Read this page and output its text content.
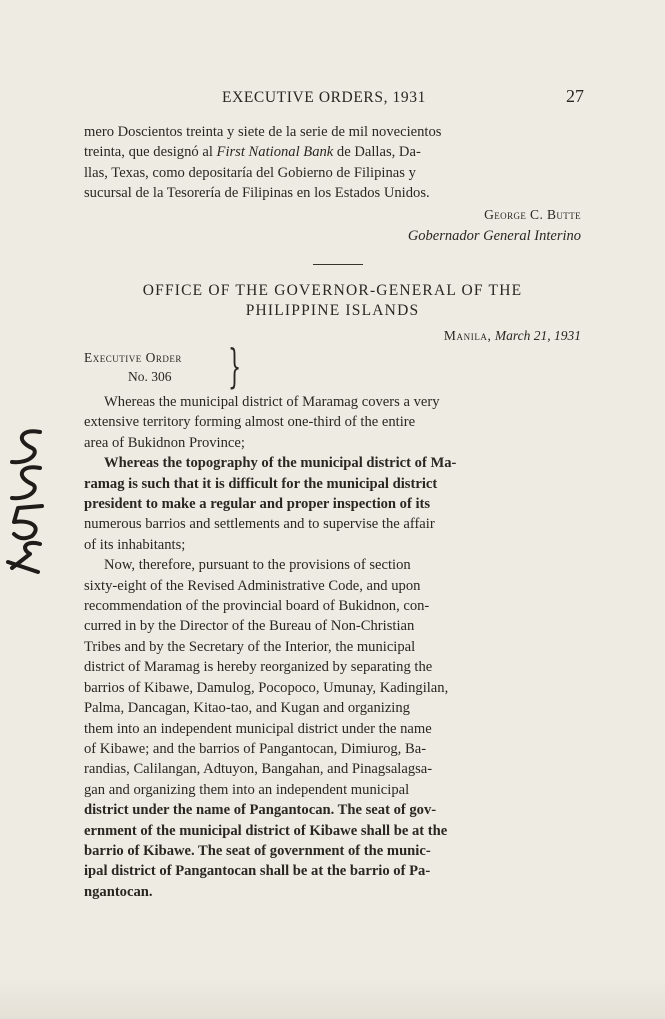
EXECUTIVE ORDERS, 1931	27

mero Doscientos treinta y siete de la serie de mil novecientos

treinta, que designó al First National Bank de Dallas, Da-

llas, Texas, como depositaría del Gobierno de Filipinas y

sucursal de la Tesorería de Filipinas en los Estados Unidos.

George C. Butte
Gobernador General Interino
OFFICE OF THE GOVERNOR-GENERAL OF THE
PHILIPPINE ISLANDS
Manila, March 21, 1931
Executive Order
No. 306 }

Whereas the municipal district of Maramag covers a very

extensive territory forming almost one-third of the entire

area of Bukidnon Province;

Whereas the topography of the municipal district of Ma-

ramag is such that it is difficult for the municipal district

president to make a regular and proper inspection of its

numerous barrios and settlements and to supervise the affair

of its inhabitants;

Now, therefore, pursuant to the provisions of section

sixty-eight of the Revised Administrative Code, and upon

recommendation of the provincial board of Bukidnon, con-

curred in by the Director of the Bureau of Non-Christian

Tribes and by the Secretary of the Interior, the municipal

district of Maramag is hereby reorganized by separating the

barrios of Kibawe, Damulog, Pocopoco, Umunay, Kadingilan,

Palma, Dancagan, Kitao-tao, and Kugan and organizing

them into an independent municipal district under the name

of Kibawe; and the barrios of Pangantocan, Dimiurog, Ba-

randias, Calilangan, Adtuyon, Bangahan, and Pinagsalagsa-

gan and organizing them into an independent municipal

district under the name of Pangantocan. The seat of gov-

ernment of the municipal district of Kibawe shall be at the

barrio of Kibawe. The seat of government of the munic-

ipal district of Pangantocan shall be at the barrio of Pa-

ngantocan.
